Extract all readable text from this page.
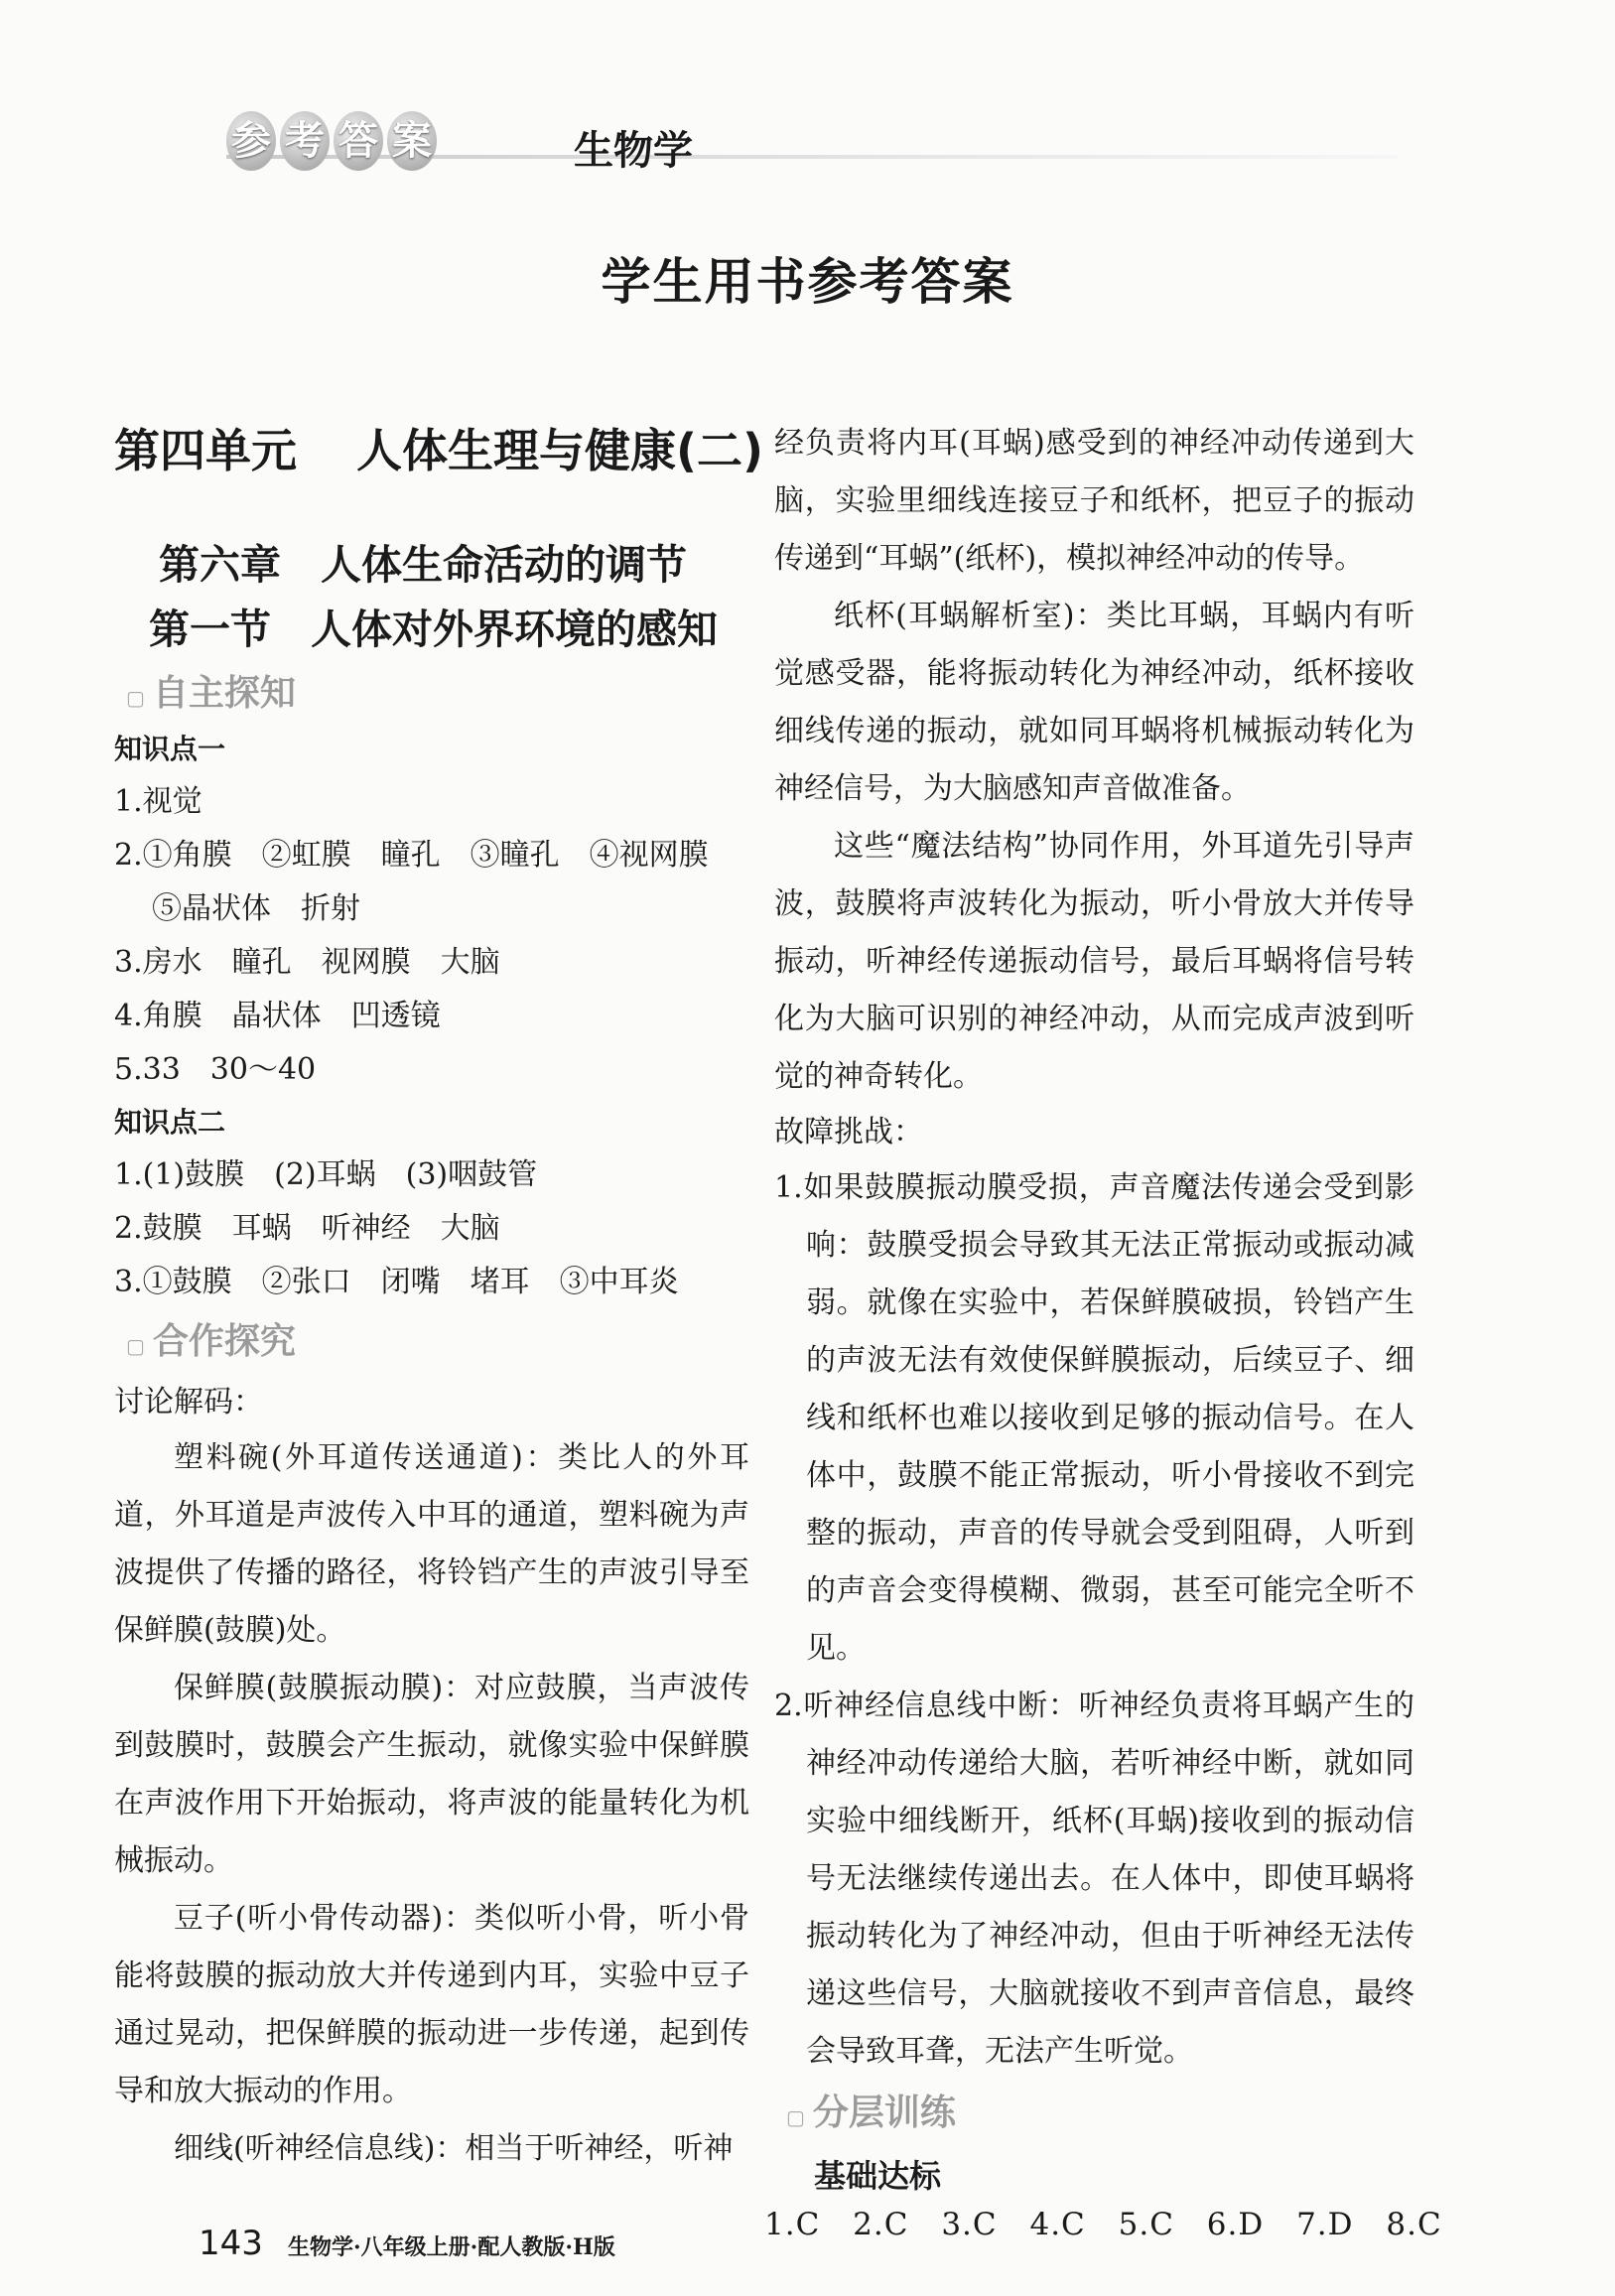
参 考 答 案	生物学
学生用书参考答案
第四单元 人体生理与健康(二)
第六章 人体生命活动的调节
第一节 人体对外界环境的感知
▢ 自主探知
知识点一
1.视觉
2.①角膜　②虹膜　瞳孔　③瞳孔　④视网膜
⑤晶状体　折射
3.房水　瞳孔　视网膜　大脑
4.角膜　晶状体　凹透镜
5.33　30～40
知识点二
1.(1)鼓膜　(2)耳蜗　(3)咽鼓管
2.鼓膜　耳蜗　听神经　大脑
3.①鼓膜　②张口　闭嘴　堵耳　③中耳炎
▢ 合作探究
讨论解码：
塑料碗(外耳道传送通道)：类比人的外耳道，外耳道是声波传入中耳的通道，塑料碗为声波提供了传播的路径，将铃铛产生的声波引导至保鲜膜(鼓膜)处。
保鲜膜(鼓膜振动膜)：对应鼓膜，当声波传到鼓膜时，鼓膜会产生振动，就像实验中保鲜膜在声波作用下开始振动，将声波的能量转化为机械振动。
豆子(听小骨传动器)：类似听小骨，听小骨能将鼓膜的振动放大并传递到内耳，实验中豆子通过晃动，把保鲜膜的振动进一步传递，起到传导和放大振动的作用。
细线(听神经信息线)：相当于听神经，听神
经负责将内耳(耳蜗)感受到的神经冲动传递到大脑，实验里细线连接豆子和纸杯，把豆子的振动传递到“耳蜗”(纸杯)，模拟神经冲动的传导。
纸杯(耳蜗解析室)：类比耳蜗，耳蜗内有听觉感受器，能将振动转化为神经冲动，纸杯接收细线传递的振动，就如同耳蜗将机械振动转化为神经信号，为大脑感知声音做准备。
这些“魔法结构”协同作用，外耳道先引导声波，鼓膜将声波转化为振动，听小骨放大并传导振动，听神经传递振动信号，最后耳蜗将信号转化为大脑可识别的神经冲动，从而完成声波到听觉的神奇转化。
故障挑战：
1.如果鼓膜振动膜受损，声音魔法传递会受到影响：鼓膜受损会导致其无法正常振动或振动减弱。就像在实验中，若保鲜膜破损，铃铛产生的声波无法有效使保鲜膜振动，后续豆子、细线和纸杯也难以接收到足够的振动信号。在人体中，鼓膜不能正常振动，听小骨接收不到完整的振动，声音的传导就会受到阻碍，人听到的声音会变得模糊、微弱，甚至可能完全听不见。
2.听神经信息线中断：听神经负责将耳蜗产生的神经冲动传递给大脑，若听神经中断，就如同实验中细线断开，纸杯(耳蜗)接收到的振动信号无法继续传递出去。在人体中，即使耳蜗将振动转化为了神经冲动，但由于听神经无法传递这些信号，大脑就接收不到声音信息，最终会导致耳聋，无法产生听觉。
▢ 分层训练
基础达标
1.C 2.C 3.C 4.C 5.C 6.D 7.D 8.C
143 生物学·八年级上册·配人教版·H版
